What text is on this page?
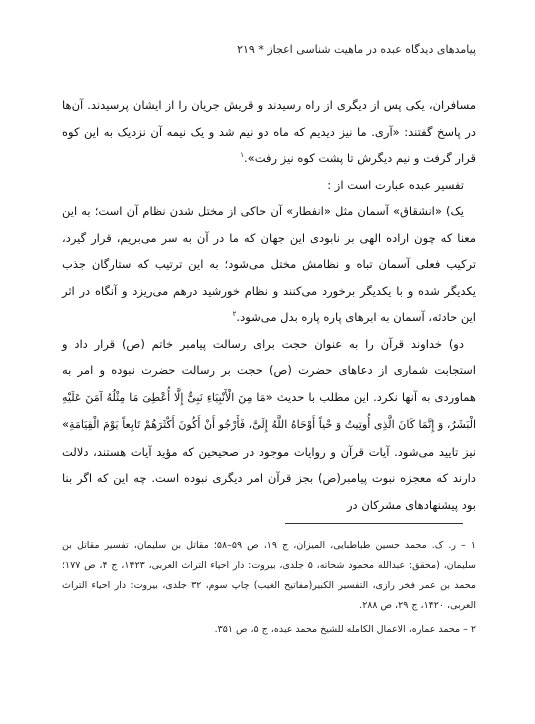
پیامدهای دیدگاه عبده در ماهیت شناسی اعجاز * ۲۱۹

مسافران، یکی پس از دیگری از راه رسیدند و قریش جریان را از ایشان پرسیدند. آن‌ها در پاسخ گفتند: «آری. ما نیز دیدیم که ماه دو نیم شد و یک نیمه آن نزدیک به این کوه قرار گرفت و نیم دیگرش تا پشت کوه نیز رفت».$^۱$

تفسیر عبده عبارت است از :

یک) «انشقاق» آسمان مثل «انفطار» آن حاکی از مختل شدن نظام آن است؛ به این معنا که چون اراده الهی بر نابودی این جهان که ما در آن به سر می‌بریم، قرار گیرد، ترکیب فعلی آسمان تباه و نظامش مختل می‌شود؛ به این ترتیب که ستارگان جذب یکدیگر شده و با یکدیگر برخورد می‌کنند و نظام خورشید درهم می‌ریزد و آنگاه در اثر این حادثه، آسمان به ابرهای پاره پاره بدل می‌شود.$^۲$

دو) خداوند قرآن را به عنوان حجت برای رسالت پیامبر خاتم (ص) قرار داد و استجابت شماری از دعاهای حضرت (ص) حجت بر رسالت حضرت نبوده و امر به هماوردی به آنها نکرد. این مطلب با حدیث «مَا مِنَ الْأَنْبِیَاءِ نَبِیٌّ إِلَّا أُعْطِیَ مَا مِثْلُهُ آمَنَ عَلَیْهِ الْبَشَرُ، وَ إِنَّمَا كَانَ الَّذِی أُوتِیتُ وَ حْیاً أَوْحَاهُ اللَّهُ إِلَیَّ، فَأَرْجُو أَنْ أَكُونَ أَكْثَرَهُمْ تَابِعاً یَوْمَ الْقِیَامَةِ» نیز تایید می‌شود. آیات قرآن و روایات موجود در صحیحین که مؤید آیات هستند، دلالت دارند که معجزه نبوت پیامبر(ص) بجز قرآن امر دیگری نبوده است. چه این که اگر بنا بود پیشنهادهای مشرکان در

۱ – ر. ک. محمد حسین طباطبایی، المیزان، ج ۱۹، ص ۵۹–۵۸؛ مقاتل بن سلیمان، تفسیر مقاتل بن سلیمان، (محقق: عبدالله محمود شحاته، ۵ جلدی، بیروت: دار احیاء التراث العربی، ۱۴۲۳، ج ۴، ص ۱۷۷؛محمد بن عمر فخر رازی، التفسیر الکبیر(مفاتیح الغیب) چاپ سوم، ۳۲ جلدی، بیروت: دار احیاء التراث العربی، ۱۴۲۰، ج ۲۹، ص ۲۸۸.

۲ – محمد عماره، الاعمال الکامله للشیخ محمد عبده، ج ۵، ص ۳۵۱.
